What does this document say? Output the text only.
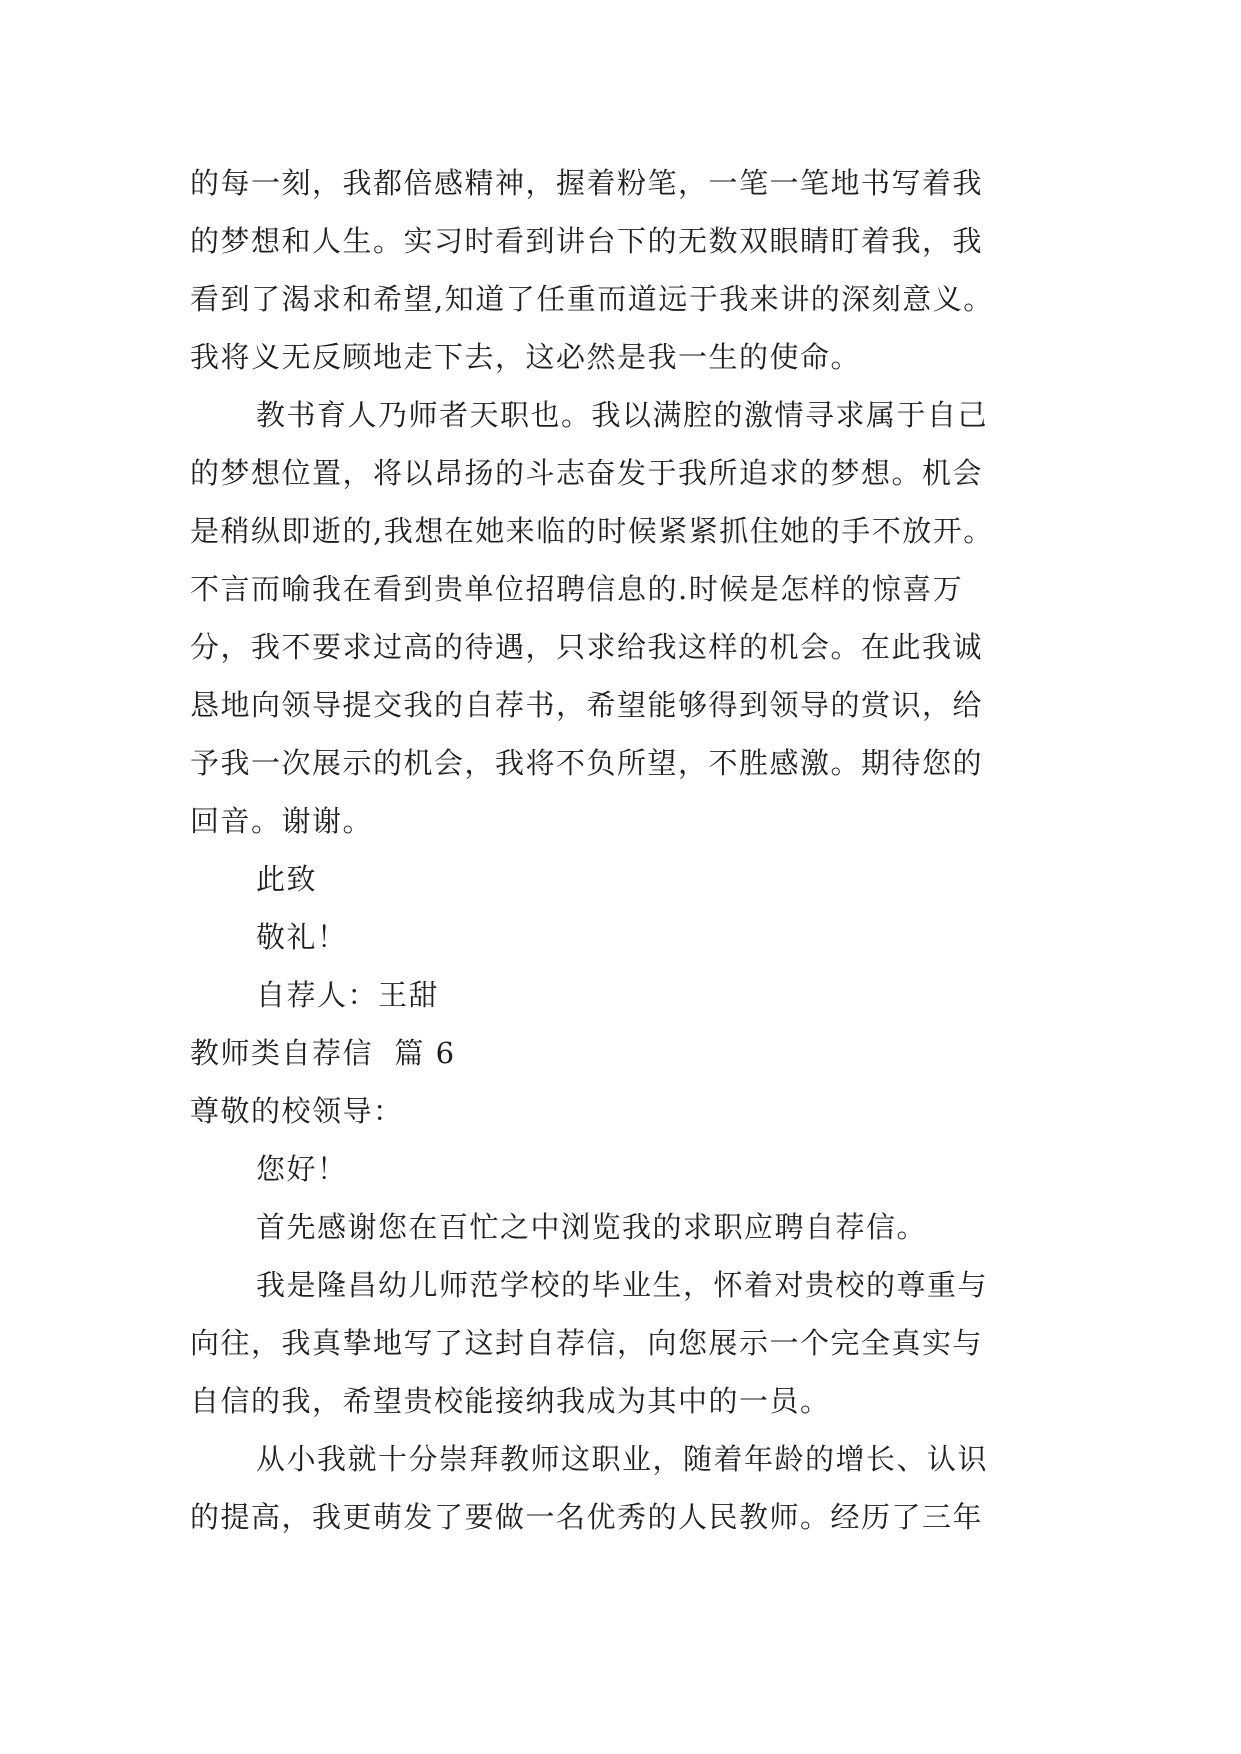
的每一刻，我都倍感精神，握着粉笔，一笔一笔地书写着我
的梦想和人生。实习时看到讲台下的无数双眼睛盯着我，我
看到了渴求和希望,知道了任重而道远于我来讲的深刻意义。
我将义无反顾地走下去，这必然是我一生的使命。
教书育人乃师者天职也。我以满腔的激情寻求属于自己
的梦想位置，将以昂扬的斗志奋发于我所追求的梦想。机会
是稍纵即逝的,我想在她来临的时候紧紧抓住她的手不放开。
不言而喻我在看到贵单位招聘信息的.时候是怎样的惊喜万
分，我不要求过高的待遇，只求给我这样的机会。在此我诚
恳地向领导提交我的自荐书，希望能够得到领导的赏识，给
予我一次展示的机会，我将不负所望，不胜感激。期待您的
回音。谢谢。
此致
敬礼！
自荐人：王甜
教师类自荐信  篇 6
尊敬的校领导：
您好！
首先感谢您在百忙之中浏览我的求职应聘自荐信。
我是隆昌幼儿师范学校的毕业生，怀着对贵校的尊重与
向往，我真挚地写了这封自荐信，向您展示一个完全真实与
自信的我，希望贵校能接纳我成为其中的一员。
从小我就十分崇拜教师这职业，随着年龄的增长、认识
的提高，我更萌发了要做一名优秀的人民教师。经历了三年
